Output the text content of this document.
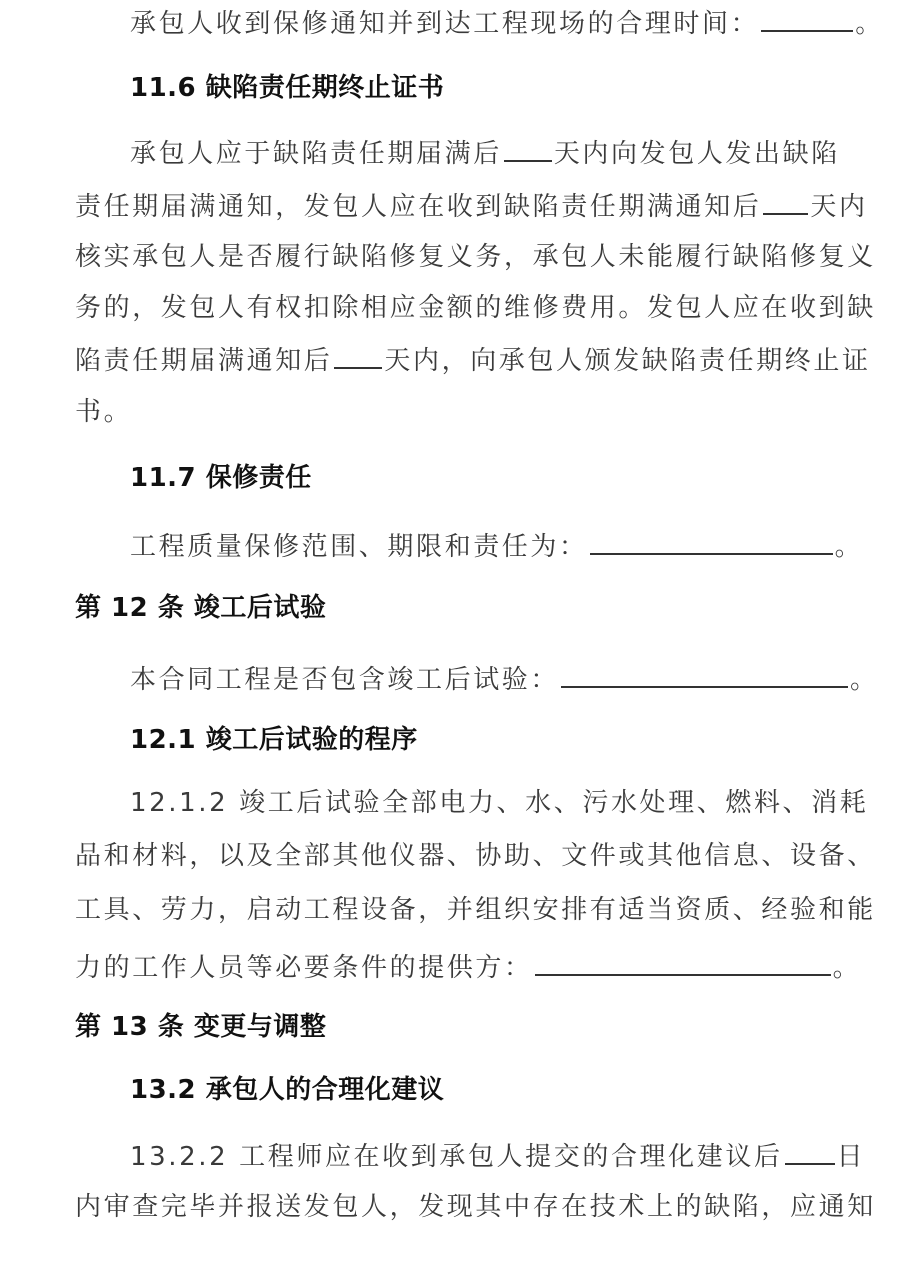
承包人收到保修通知并到达工程现场的合理时间：	。
11.6 缺陷责任期终止证书
承包人应于缺陷责任期届满后 天内向发包人发出缺陷
责任期届满通知，发包人应在收到缺陷责任期满通知后 天内
核实承包人是否履行缺陷修复义务，承包人未能履行缺陷修复义
务的，发包人有权扣除相应金额的维修费用。发包人应在收到缺
陷责任期届满通知后 天内，向承包人颁发缺陷责任期终止证
书。
11.7 保修责任
工程质量保修范围、期限和责任为：	。
第 12 条 竣工后试验
本合同工程是否包含竣工后试验：	。
12.1 竣工后试验的程序
12.1.2 竣工后试验全部电力、水、污水处理、燃料、消耗
品和材料，以及全部其他仪器、协助、文件或其他信息、设备、
工具、劳力，启动工程设备，并组织安排有适当资质、经验和能
力的工作人员等必要条件的提供方：	。
第 13 条 变更与调整
13.2 承包人的合理化建议
13.2.2 工程师应在收到承包人提交的合理化建议后 日
内审查完毕并报送发包人，发现其中存在技术上的缺陷，应通知
